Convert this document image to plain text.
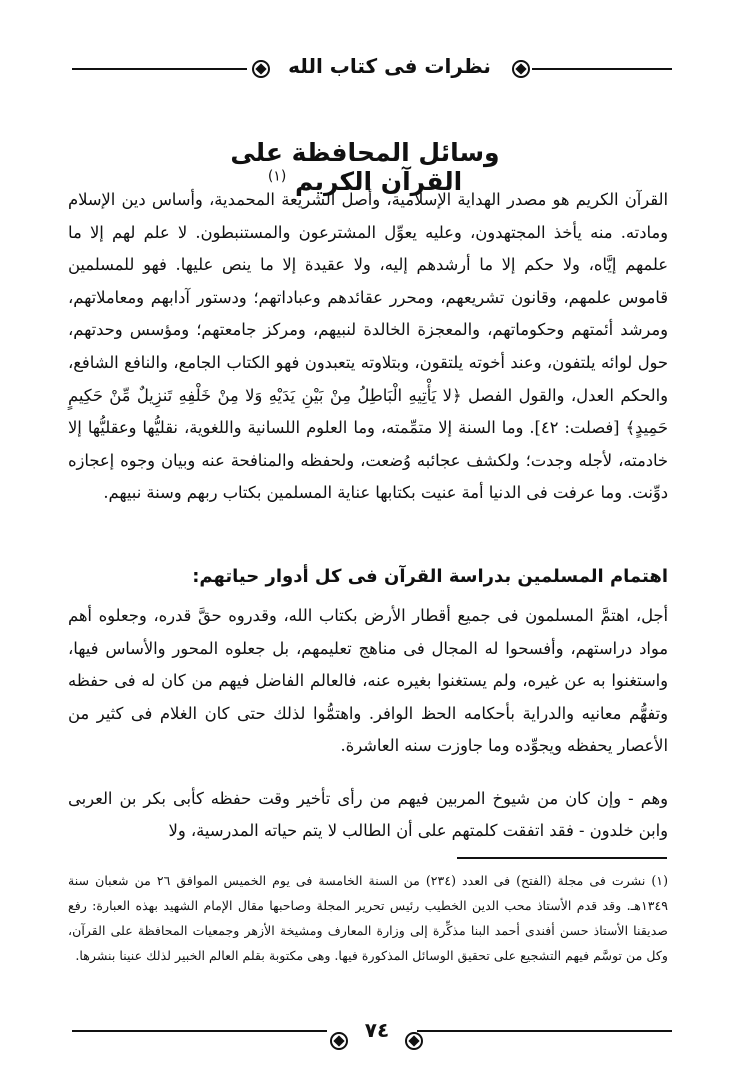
نظرات فى كتاب الله
وسائل المحافظة على القرآن الكريم $^{(١)}$
القرآن الكريم هو مصدر الهداية الإسلامية، وأصل الشريعة المحمدية، وأساس دين الإسلام ومادته. منه يأخذ المجتهدون، وعليه يعوِّل المشترعون والمستنبطون. لا علم لهم إلا ما علمهم إيَّاه، ولا حكم إلا ما أرشدهم إليه، ولا عقيدة إلا ما ينص عليها. فهو للمسلمين قاموس علمهم، وقانون تشريعهم، ومحرر عقائدهم وعباداتهم؛ ودستور آدابهم ومعاملاتهم، ومرشد أئمتهم وحكوماتهم، والمعجزة الخالدة لنبيهم، ومركز جامعتهم؛ ومؤسس وحدتهم، حول لوائه يلتفون، وعند أخوته يلتقون، وبتلاوته يتعبدون فهو الكتاب الجامع، والنافع الشافع، والحكم العدل، والقول الفصل ﴿لا يَأْتِيهِ الْبَاطِلُ مِنْ بَيْنِ يَدَيْهِ وَلا مِنْ خَلْفِهِ تَنزِيلٌ مِّنْ حَكِيمٍ حَمِيدٍ﴾ [فصلت: ٤٢]. وما السنة إلا متمِّمته، وما العلوم اللسانية واللغوية، نقليُّها وعقليُّها إلا خادمته، لأجله وجدت؛ ولكشف عجائبه وُضعت، ولحفظه والمنافحة عنه وبيان وجوه إعجازه دوِّنت. وما عرفت فى الدنيا أمة عنيت بكتابها عناية المسلمين بكتاب ربهم وسنة نبيهم.
اهتمام المسلمين بدراسة القرآن فى كل أدوار حياتهم:
أجل، اهتمَّ المسلمون فى جميع أقطار الأرض بكتاب الله، وقدروه حقَّ قدره، وجعلوه أهم مواد دراستهم، وأفسحوا له المجال فى مناهج تعليمهم، بل جعلوه المحور والأساس فيها، واستغنوا به عن غيره، ولم يستغنوا بغيره عنه، فالعالم الفاضل فيهم من كان له فى حفظه وتفهُّم معانيه والدراية بأحكامه الحظ الوافر. واهتمُّوا لذلك حتى كان الغلام فى كثير من الأعصار يحفظه ويجوِّده وما جاوزت سنه العاشرة.
وهم - وإن كان من شيوخ المربين فيهم من رأى تأخير وقت حفظه كأبى بكر بن العربى وابن خلدون - فقد اتفقت كلمتهم على أن الطالب لا يتم حياته المدرسية، ولا
(١) نشرت فى مجلة (الفتح) فى العدد (٢٣٤) من السنة الخامسة فى يوم الخميس الموافق ٢٦ من شعبان سنة ١٣٤٩هـ. وقد قدم الأستاذ محب الدين الخطيب رئيس تحرير المجلة وصاحبها مقال الإمام الشهيد بهذه العبارة: رفع صديقنا الأستاذ حسن أفندى أحمد البنا مذكِّرة إلى وزارة المعارف ومشيخة الأزهر وجمعيات المحافظة على القرآن، وكل من توسَّم فيهم التشجيع على تحقيق الوسائل المذكورة فيها. وهى مكتوبة بقلم العالم الخبير لذلك عنينا بنشرها.
٧٤
